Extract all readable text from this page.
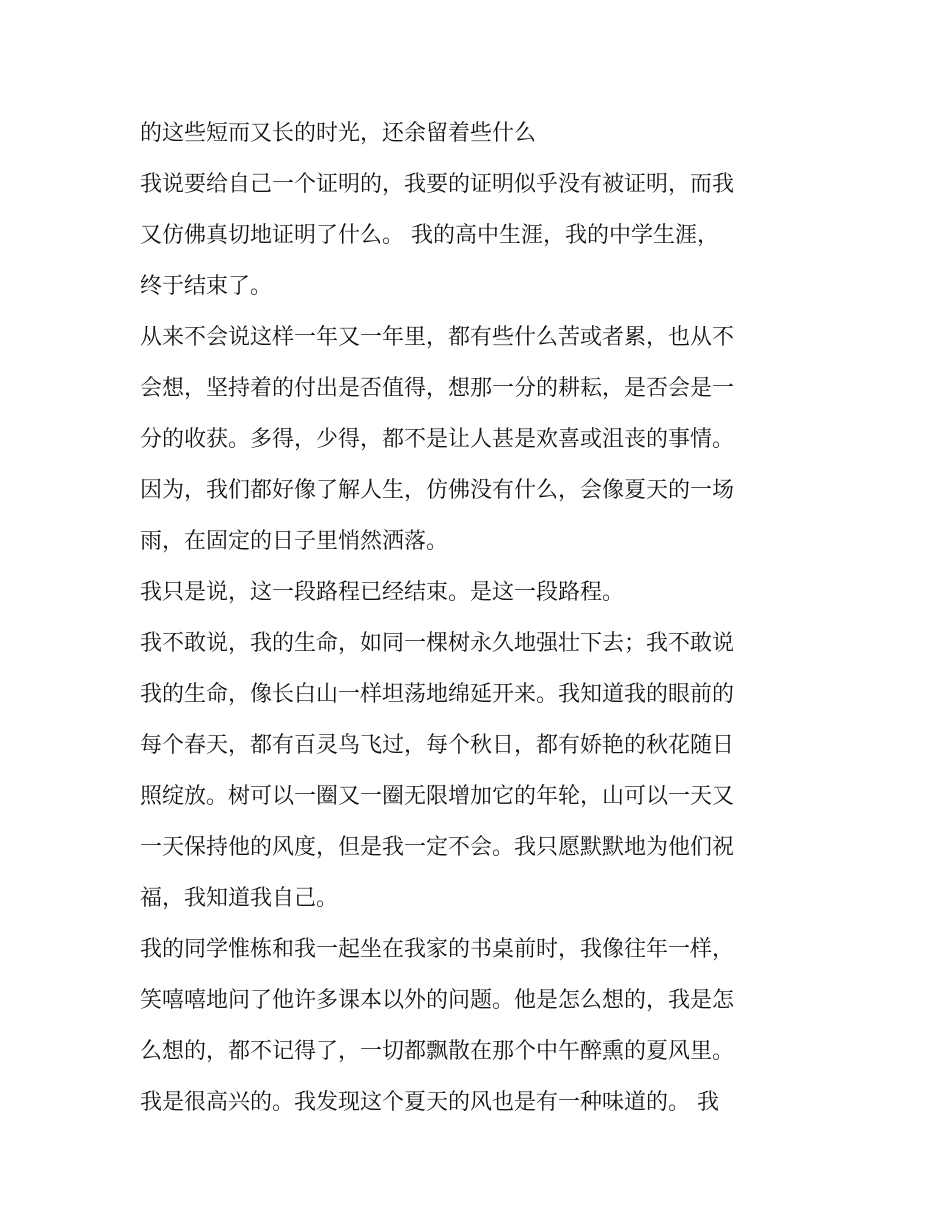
的这些短而又长的时光，还余留着些什么
我说要给自己一个证明的，我要的证明似乎没有被证明，而我
又仿佛真切地证明了什么。 我的高中生涯，我的中学生涯，
终于结束了。
从来不会说这样一年又一年里，都有些什么苦或者累，也从不
会想，坚持着的付出是否值得，想那一分的耕耘，是否会是一
分的收获。多得，少得，都不是让人甚是欢喜或沮丧的事情。
因为，我们都好像了解人生，仿佛没有什么，会像夏天的一场
雨，在固定的日子里悄然洒落。
我只是说，这一段路程已经结束。是这一段路程。
我不敢说，我的生命，如同一棵树永久地强壮下去；我不敢说
我的生命，像长白山一样坦荡地绵延开来。我知道我的眼前的
每个春天，都有百灵鸟飞过，每个秋日，都有娇艳的秋花随日
照绽放。树可以一圈又一圈无限增加它的年轮，山可以一天又
一天保持他的风度，但是我一定不会。我只愿默默地为他们祝
福，我知道我自己。
我的同学惟栋和我一起坐在我家的书桌前时，我像往年一样，
笑嘻嘻地问了他许多课本以外的问题。他是怎么想的，我是怎
么想的，都不记得了，一切都飘散在那个中午醉熏的夏风里。
我是很高兴的。我发现这个夏天的风也是有一种味道的。 我
